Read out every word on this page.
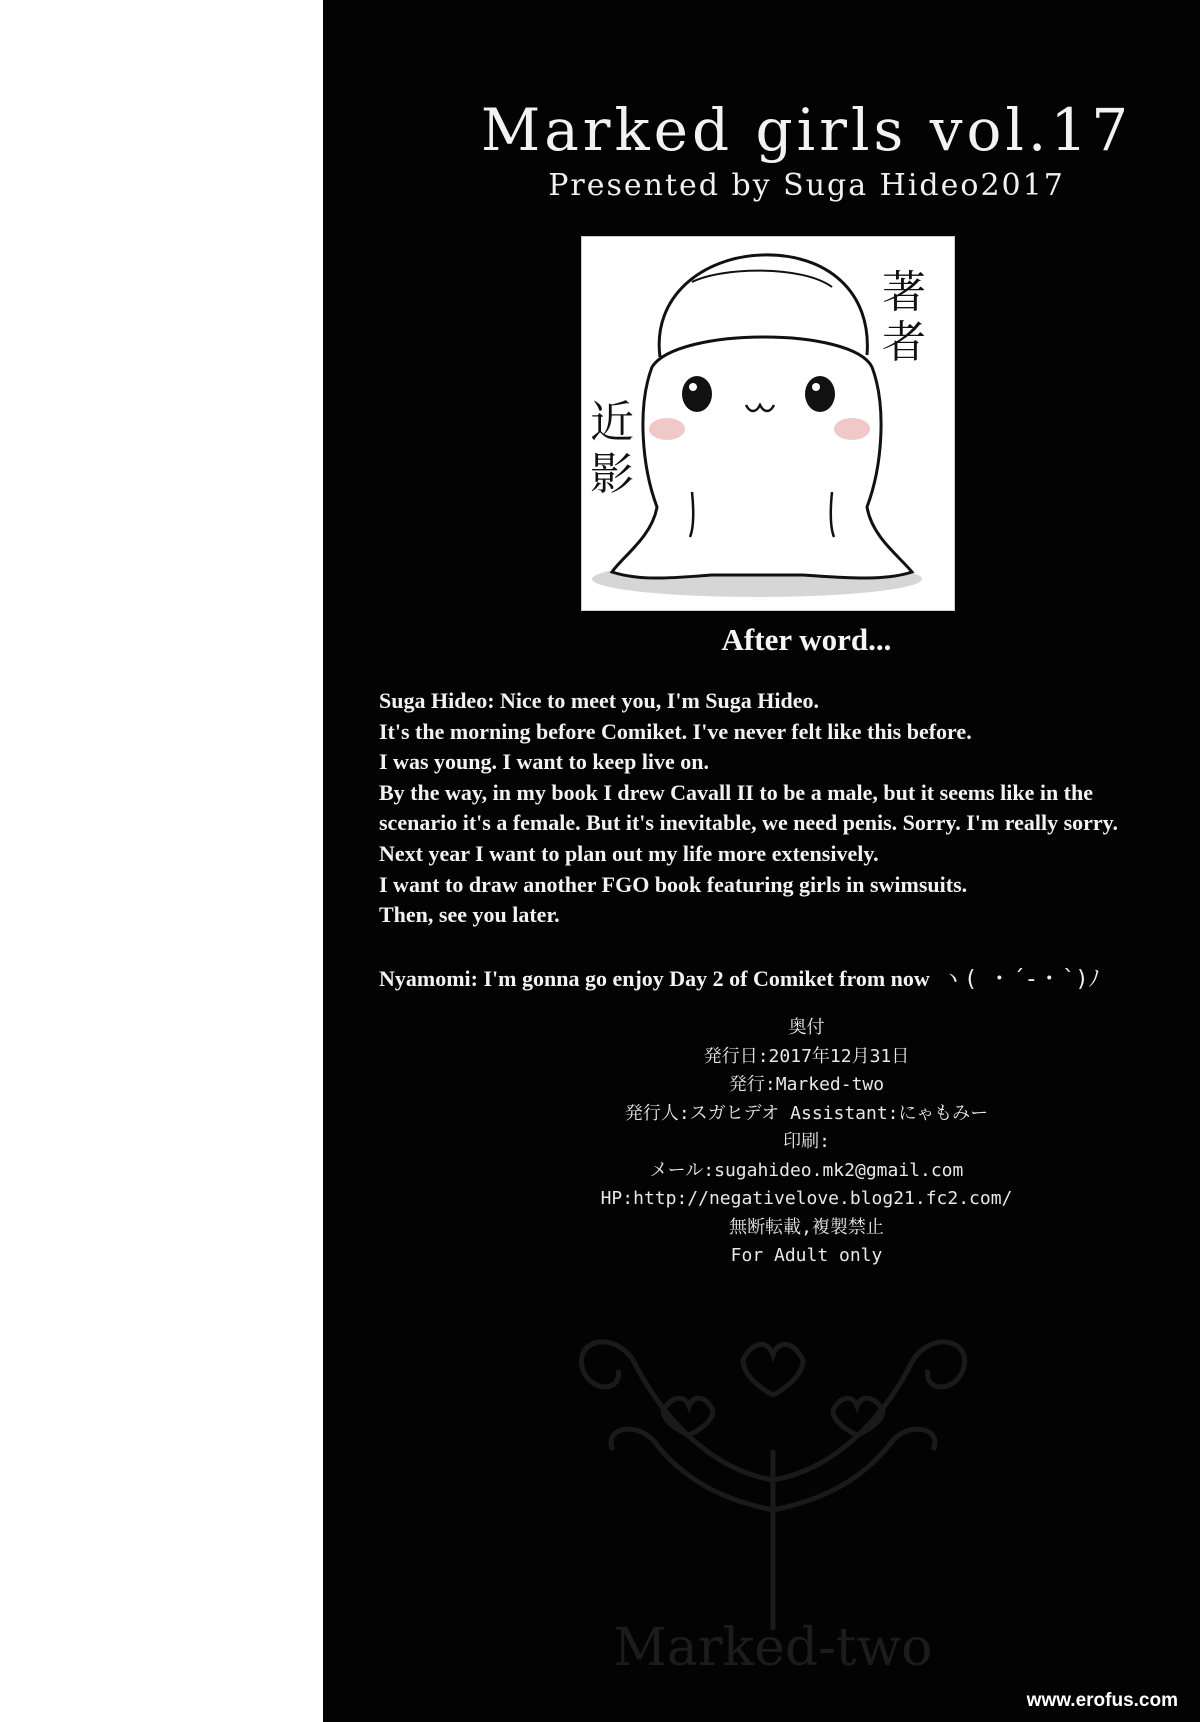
Marked girls vol.17
Presented by Suga Hideo2017
著
者
近
影
After word...
Suga Hideo: Nice to meet you, I'm Suga Hideo.
It's the morning before Comiket. I've never felt like this before.
I was young. I want to keep live on.
By the way, in my book I drew Cavall II to be a male, but it seems like in the
scenario it's a female. But it's inevitable, we need penis. Sorry. I'm really sorry.
Next year I want to plan out my life more extensively.
I want to draw another FGO book featuring girls in swimsuits.
Then, see you later.
Nyamomi: I'm gonna go enjoy Day 2 of Comiket from now ヽ( ・´-・`)ﾉ
奥付
発行日:2017年12月31日
発行:Marked-two
発行人:スガヒデオ Assistant:にゃもみー
印刷:
メール:sugahideo.mk2@gmail.com
HP:http://negativelove.blog21.fc2.com/
無断転載,複製禁止
For Adult only
Marked-two
www.erofus.com
